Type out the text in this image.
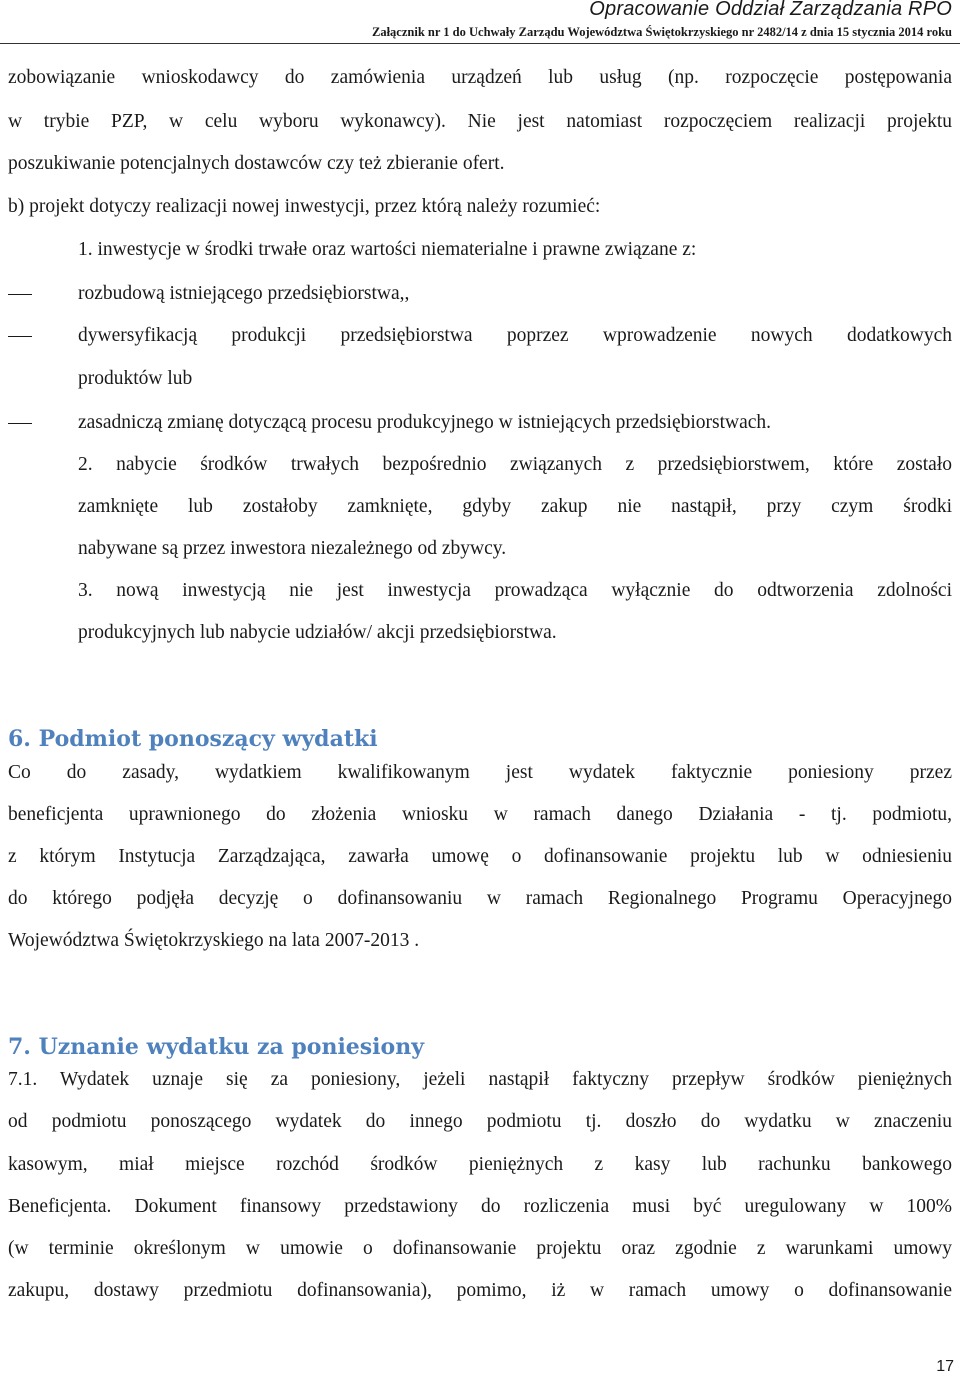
Opracowanie Oddział Zarządzania RPO
Załącznik nr 1 do Uchwały Zarządu Województwa Świętokrzyskiego nr 2482/14 z dnia 15 stycznia 2014 roku
zobowiązanie wnioskodawcy do zamówienia urządzeń lub usług (np. rozpoczęcie postępowania
w trybie PZP, w celu wyboru wykonawcy). Nie jest natomiast rozpoczęciem realizacji projektu
poszukiwanie potencjalnych dostawców czy też zbieranie ofert.
b) projekt dotyczy realizacji nowej inwestycji, przez którą należy rozumieć:
1. inwestycje w środki trwałe oraz wartości niematerialne i prawne związane z:
rozbudową istniejącego przedsiębiorstwa,,
dywersyfikacją produkcji przedsiębiorstwa poprzez wprowadzenie nowych dodatkowych
produktów lub
zasadniczą zmianę dotyczącą procesu produkcyjnego w istniejących przedsiębiorstwach.
2. nabycie środków trwałych bezpośrednio związanych z przedsiębiorstwem, które zostało
zamknięte lub zostałoby zamknięte, gdyby zakup nie nastąpił, przy czym środki
nabywane są przez inwestora niezależnego od zbywcy.
3. nową inwestycją nie jest inwestycja prowadząca wyłącznie do odtworzenia zdolności
produkcyjnych lub nabycie udziałów/ akcji przedsiębiorstwa.
6. Podmiot ponoszący wydatki
Co do zasady, wydatkiem kwalifikowanym jest wydatek faktycznie poniesiony przez
beneficjenta uprawnionego do złożenia wniosku w ramach danego Działania - tj. podmiotu,
z którym Instytucja Zarządzająca, zawarła umowę o dofinansowanie projektu lub w odniesieniu
do którego podjęła decyzję o dofinansowaniu w ramach Regionalnego Programu Operacyjnego
Województwa Świętokrzyskiego na lata 2007-2013 .
7. Uznanie wydatku za poniesiony
7.1. Wydatek uznaje się za poniesiony, jeżeli nastąpił faktyczny przepływ środków pieniężnych
od podmiotu ponoszącego wydatek do innego podmiotu tj. doszło do wydatku w znaczeniu
kasowym, miał miejsce rozchód środków pieniężnych z kasy lub rachunku bankowego
Beneficjenta. Dokument finansowy przedstawiony do rozliczenia musi być uregulowany w 100%
(w terminie określonym w umowie o dofinansowanie projektu oraz zgodnie z warunkami umowy
zakupu, dostawy przedmiotu dofinansowania), pomimo, iż w ramach umowy o dofinansowanie
17
